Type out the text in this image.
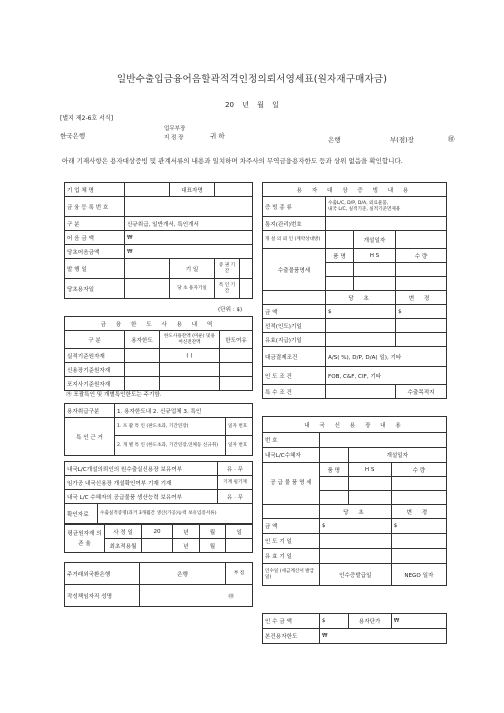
일반수출입금융어음할곽적격인정의뢰서영세표(원자재구매자금)
20 년 월 일
[별지 제2-6호 서식]
한국은행
업무부장
지 점 장	귀 하	은행	부(점)장	㊞
아래 기재사항은 용자대상증빙 및 관계서류의 내용과 일치하며 차주사의 무역금융용자한도 등과 상위 없음을 확인합니다.
기 업 체 명		대표자명		
금 융 등 록 번 호				
구 분	신규취급, 일반개서, 특인개서			
어 음 금 액	₩			
당초어음금액	₩			
발 행 일		기 일	증 권 기 간	
당초용자일		당 초 용자기일	특 인 기 간	
(단위 : $)
금 융 한 도 사 용 내 역			
구 분	용자한도	한도사용잔액 (미운) 및용 여신전잔액	한도여유
실적기준원자재		( )	
신용장기준원자재			
포지사기준원자재			
㉮ 포괄특인 및 개별특인한도는 주기함.
용자취급구분	1. 용자한도내 2. 신규업체 3. 특인	
특 인 근 거	1. 포 괄 특 인 (판도초과, 기간연장)	일자 번호
	2. 개 별 특 인 (한도초과, 기간연장,연체등 신규취)	일자 번호
내국L/C개설의뢰인의 원수출실신용장 보유여부		유 · 무
임가공 내국신용장 개설확인여부 기재 기재		기재 필기재
내국 L/C 수혜자의 공급물품 생산능력 보유여부		유 · 무
확인자료	수출실적증명(과거 3개월간 생산(가공)능력 보유입증서류)	
평균원자재 의 존 율	사 정 일	20	년	월	일
	최초적용월		년	월	
주거래외국환은행	은행	부 점
작성책임자직 성명	㊞	
용 자 대 상 증 빙 내 용			
증 빙 종 류	수출L/C, D/P, D/A, 외료물품,
내국 L/C, 실적기준, 실적기준면제용		
통지(관리)번호			
개 설 의 뢰 인 (계약상대방)		개설일자	
수출물품명세	품 명	H S	수 량

	당 초		변 경
금 액	$		$
선적(인도)기일			
유효(지급)기일			
대금결제조건	A/S( %), D/P, D/A( 일), 기타		
인 도 조 건	FOB, C&F, CIF, 기타		
특 수 조 건			수출목적지
내 국 신 용 장 내 용			
번 호			
내국L/C수혜자		개설일자	
공 급 물 품 명 세	품 명	H S	수 량

	당 초		변 경
금 액	$		$
인 도 기 일			
유 효 기 일			
인수일 (세금계산서 발급일)	인수증발급일		NEGO 일자

인 수 금 액	$	용자단가	₩
본건용자한도	₩		
